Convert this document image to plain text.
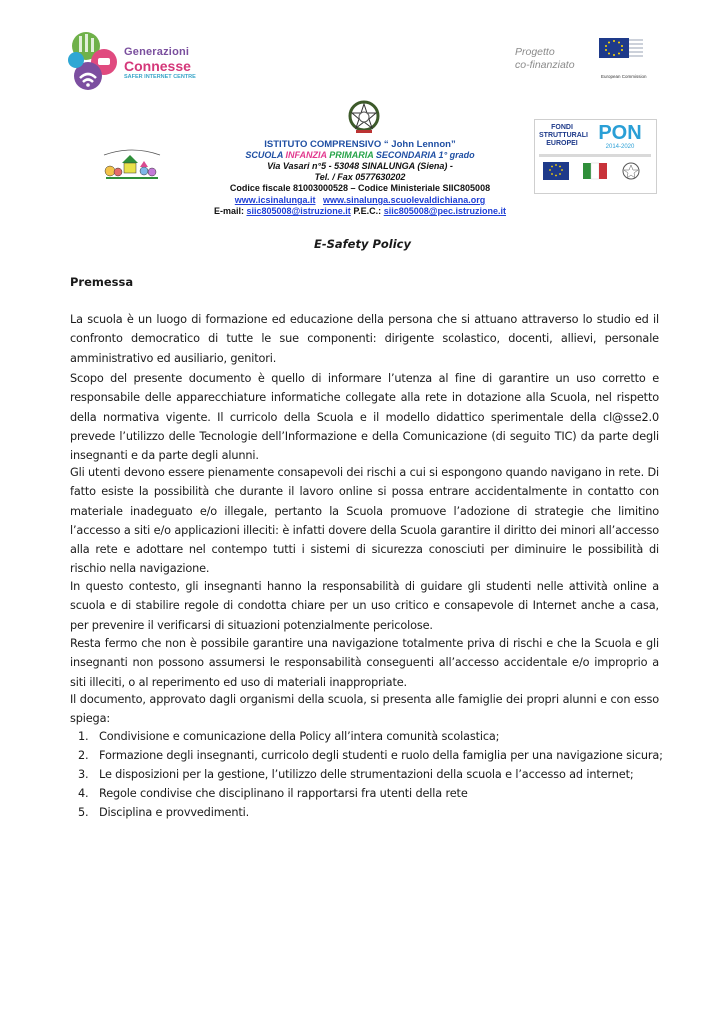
Generazioni
Connesse
SAFER INTERNET CENTRE
Progetto
co-finanziato
European Commission
FONDI
STRUTTURALI
EUROPEI	PON
2014-2020
ISTITUTO COMPRENSIVO “ John Lennon”
SCUOLA INFANZIA PRIMARIA SECONDARIA 1° grado
Via Vasari n°5 - 53048 SINALUNGA (Siena) -
Tel. / Fax 0577630202
Codice fiscale 81003000528 – Codice Ministeriale SIIC805008
www.icsinalunga.it www.sinalunga.scuolevaldichiana.org
E-mail: siic805008@istruzione.it P.E.C.: siic805008@pec.istruzione.it
E-Safety Policy
Premessa
La scuola è un luogo di formazione ed educazione della persona che si attuano attraverso lo studio ed il confronto democratico di tutte le sue componenti: dirigente scolastico, docenti, allievi, personale amministrativo ed ausiliario, genitori.
Scopo del presente documento è quello di informare l’utenza al fine di garantire un uso corretto e responsabile delle apparecchiature informatiche collegate alla rete in dotazione alla Scuola, nel rispetto della normativa vigente. Il curricolo della Scuola e il modello didattico sperimentale della cl@sse2.0 prevede l’utilizzo delle Tecnologie dell’Informazione e della Comunicazione (di seguito TIC) da parte degli insegnanti e da parte degli alunni.
Gli utenti devono essere pienamente consapevoli dei rischi a cui si espongono quando navigano in rete. Di fatto esiste la possibilità che durante il lavoro online si possa entrare accidentalmente in contatto con materiale inadeguato e/o illegale, pertanto la Scuola promuove l’adozione di strategie che limitino l’accesso a siti e/o applicazioni illeciti: è infatti dovere della Scuola garantire il diritto dei minori all’accesso alla rete e adottare nel contempo tutti i sistemi di sicurezza conosciuti per diminuire le possibilità di rischio nella navigazione.
In questo contesto, gli insegnanti hanno la responsabilità di guidare gli studenti nelle attività online a scuola e di stabilire regole di condotta chiare per un uso critico e consapevole di Internet anche a casa, per prevenire il verificarsi di situazioni potenzialmente pericolose.
Resta fermo che non è possibile garantire una navigazione totalmente priva di rischi e che la Scuola e gli insegnanti non possono assumersi le responsabilità conseguenti all’accesso accidentale e/o improprio a siti illeciti, o al reperimento ed uso di materiali inappropriate.
Il documento, approvato dagli organismi della scuola, si presenta alle famiglie dei propri alunni e con esso spiega:
1. Condivisione e comunicazione della Policy all’intera comunità scolastica;
2. Formazione degli insegnanti, curricolo degli studenti e ruolo della famiglia per una navigazione sicura;
3. Le disposizioni per la gestione, l’utilizzo delle strumentazioni della scuola e l’accesso ad internet;
4. Regole condivise che disciplinano il rapportarsi fra utenti della rete
5. Disciplina e provvedimenti.
